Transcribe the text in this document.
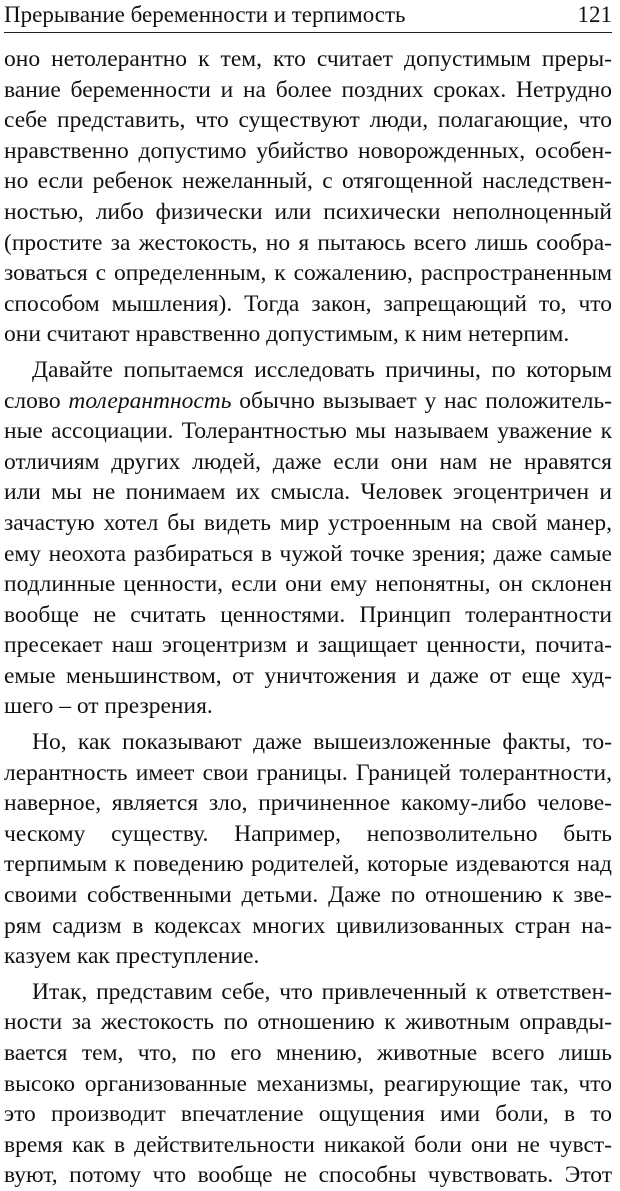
Прерывание беременности и терпимость	121
оно нетолерантно к тем, кто считает допустимым преры-
вание беременности и на более поздних сроках. Нетрудно
себе представить, что существуют люди, полагающие, что
нравственно допустимо убийство новорожденных, особен-
но если ребенок нежеланный, с отягощенной наследствен-
ностью, либо физически или психически неполноценный
(простите за жестокость, но я пытаюсь всего лишь сообра-
зоваться с определенным, к сожалению, распространенным
способом мышления). Тогда закон, запрещающий то, что
они считают нравственно допустимым, к ним нетерпим.
Давайте попытаемся исследовать причины, по которым
слово толерантность обычно вызывает у нас положитель-
ные ассоциации. Толерантностью мы называем уважение к
отличиям других людей, даже если они нам не нравятся
или мы не понимаем их смысла. Человек эгоцентричен и
зачастую хотел бы видеть мир устроенным на свой манер,
ему неохота разбираться в чужой точке зрения; даже самые
подлинные ценности, если они ему непонятны, он склонен
вообще не считать ценностями. Принцип толерантности
пресекает наш эгоцентризм и защищает ценности, почита-
емые меньшинством, от уничтожения и даже от еще худ-
шего – от презрения.
Но, как показывают даже вышеизложенные факты, то-
лерантность имеет свои границы. Границей толерантности,
наверное, является зло, причиненное какому-либо челове-
ческому существу. Например, непозволительно быть
терпимым к поведению родителей, которые издеваются над
своими собственными детьми. Даже по отношению к зве-
рям садизм в кодексах многих цивилизованных стран на-
казуем как преступление.
Итак, представим себе, что привлеченный к ответствен-
ности за жестокость по отношению к животным оправды-
вается тем, что, по его мнению, животные всего лишь
высоко организованные механизмы, реагирующие так, что
это производит впечатление ощущения ими боли, в то
время как в действительности никакой боли они не чувст-
вуют, потому что вообще не способны чувствовать. Этот
